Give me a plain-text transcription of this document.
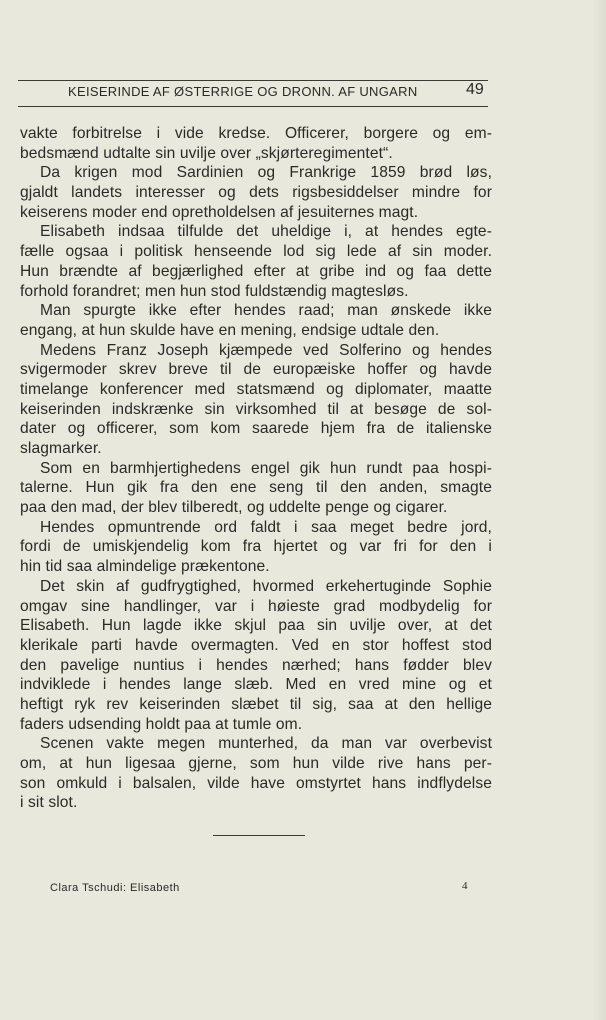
KEISERINDE AF ØSTERRIGE OG DRONN. AF UNGARN	49
vakte forbitrelse i vide kredse. Officerer, borgere og em-
bedsmænd udtalte sin uvilje over „skjørteregimentet“.
Da krigen mod Sardinien og Frankrige 1859 brød løs,
gjaldt landets interesser og dets rigsbesiddelser mindre for
keiserens moder end opretholdelsen af jesuiternes magt.
Elisabeth indsaa tilfulde det uheldige i, at hendes egte-
fælle ogsaa i politisk henseende lod sig lede af sin moder.
Hun brændte af begjærlighed efter at gribe ind og faa dette
forhold forandret; men hun stod fuldstændig magtesløs.
Man spurgte ikke efter hendes raad; man ønskede ikke
engang, at hun skulde have en mening, endsige udtale den.
Medens Franz Joseph kjæmpede ved Solferino og hendes
svigermoder skrev breve til de europæiske hoffer og havde
timelange konferencer med statsmænd og diplomater, maatte
keiserinden indskrænke sin virksomhed til at besøge de sol-
dater og officerer, som kom saarede hjem fra de italienske
slagmarker.
Som en barmhjertighedens engel gik hun rundt paa hospi-
talerne. Hun gik fra den ene seng til den anden, smagte
paa den mad, der blev tilberedt, og uddelte penge og cigarer.
Hendes opmuntrende ord faldt i saa meget bedre jord,
fordi de umiskjendelig kom fra hjertet og var fri for den i
hin tid saa almindelige prækentone.
Det skin af gudfrygtighed, hvormed erkehertuginde Sophie
omgav sine handlinger, var i høieste grad modbydelig for
Elisabeth. Hun lagde ikke skjul paa sin uvilje over, at det
klerikale parti havde overmagten. Ved en stor hoffest stod
den pavelige nuntius i hendes nærhed; hans fødder blev
indviklede i hendes lange slæb. Med en vred mine og et
heftigt ryk rev keiserinden slæbet til sig, saa at den hellige
faders udsending holdt paa at tumle om.
Scenen vakte megen munterhed, da man var overbevist
om, at hun ligesaa gjerne, som hun vilde rive hans per-
son omkuld i balsalen, vilde have omstyrtet hans indflydelse
i sit slot.
Clara Tschudi: Elisabeth	4
